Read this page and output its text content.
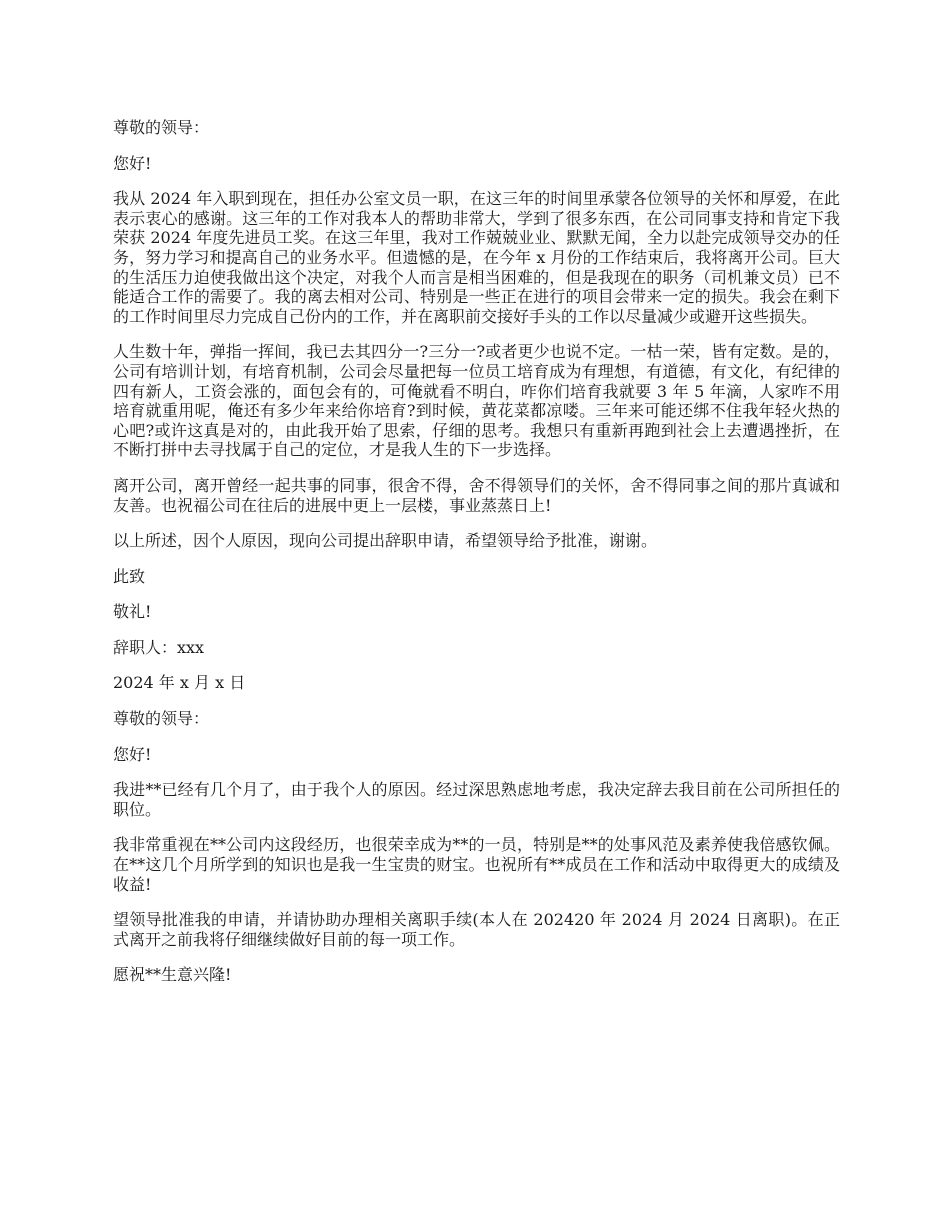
尊敬的领导：

您好!

我从 2024 年入职到现在，担任办公室文员一职，在这三年的时间里承蒙各位领导的关怀和厚爱，在此表示衷心的感谢。这三年的工作对我本人的帮助非常大，学到了很多东西，在公司同事支持和肯定下我荣获 2024 年度先进员工奖。在这三年里，我对工作兢兢业业、默默无闻，全力以赴完成领导交办的任务，努力学习和提高自己的业务水平。但遗憾的是，在今年 x 月份的工作结束后，我将离开公司。巨大的生活压力迫使我做出这个决定，对我个人而言是相当困难的，但是我现在的职务（司机兼文员）已不能适合工作的需要了。我的离去相对公司、特别是一些正在进行的项目会带来一定的损失。我会在剩下的工作时间里尽力完成自己份内的工作，并在离职前交接好手头的工作以尽量减少或避开这些损失。

人生数十年，弹指一挥间，我已去其四分一?三分一?或者更少也说不定。一枯一荣，皆有定数。是的，公司有培训计划，有培育机制，公司会尽量把每一位员工培育成为有理想，有道德，有文化，有纪律的四有新人，工资会涨的，面包会有的，可俺就看不明白，咋你们培育我就要 3 年 5 年滴，人家咋不用培育就重用呢，俺还有多少年来给你培育?到时候，黄花菜都凉喽。三年来可能还绑不住我年轻火热的心吧?或许这真是对的，由此我开始了思索，仔细的思考。我想只有重新再跑到社会上去遭遇挫折，在不断打拼中去寻找属于自己的定位，才是我人生的下一步选择。

离开公司，离开曾经一起共事的同事，很舍不得，舍不得领导们的关怀，舍不得同事之间的那片真诚和友善。也祝福公司在往后的进展中更上一层楼，事业蒸蒸日上!

以上所述，因个人原因，现向公司提出辞职申请，希望领导给予批准，谢谢。

此致

敬礼!

辞职人：xxx

2024 年 x 月 x 日

尊敬的领导：

您好!

我进**已经有几个月了，由于我个人的原因。经过深思熟虑地考虑，我决定辞去我目前在公司所担任的职位。

我非常重视在**公司内这段经历，也很荣幸成为**的一员，特别是**的处事风范及素养使我倍感钦佩。在**这几个月所学到的知识也是我一生宝贵的财宝。也祝所有**成员在工作和活动中取得更大的成绩及收益!

望领导批准我的申请，并请协助办理相关离职手续(本人在 202420 年 2024 月 2024 日离职)。在正式离开之前我将仔细继续做好目前的每一项工作。

愿祝**生意兴隆!
